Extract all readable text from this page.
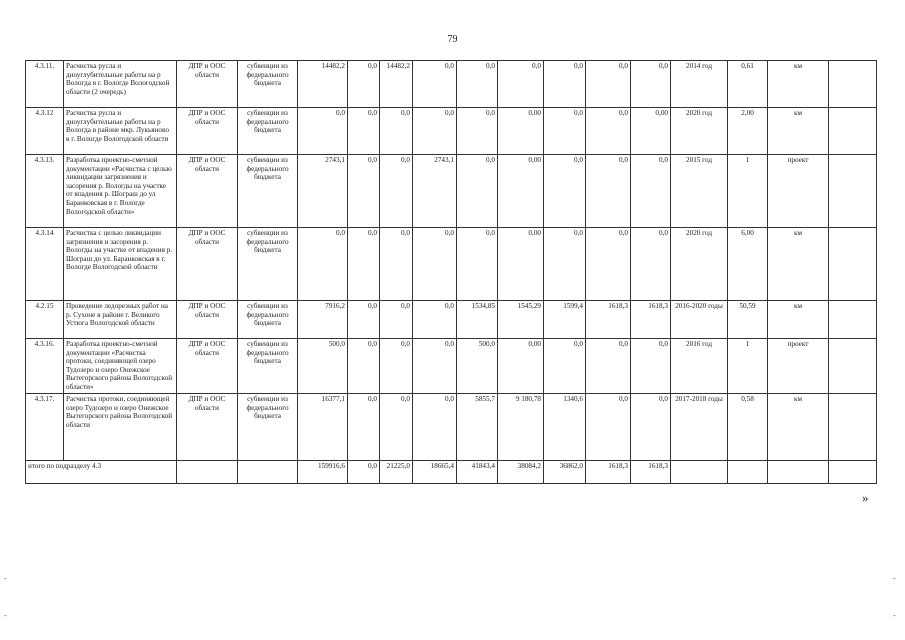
79
4.3.11.	Расчистка русла и дноуглубительные работы на р Вологда в г. Вологде Вологодской области (2 очередь)	ДПР и ООС области	субвенции из федерального бюджета	14482,2	0,0	14482,2	0,0	0,0	0,0	0,0	0,0	0,0	2014 год	0,61	км	
4.3.12	Расчистка русла и дноуглубительные работы на р Вологда в районе мкр. Лукьяново в г. Вологде Вологодской области	ДПР и ООС области	субвенции из федерального бюджета	0,0	0,0	0,0	0,0	0,0	0,00	0,0	0,0	0,00	2020 год	2,00	км	
4.3.13.	Разработка проектно-сметной документации «Расчистка с целью ликвидации загрязнения и засорения р. Вологды на участке от впадения р. Шограш до ул Баранковская в г. Вологде Вологодской области»	ДПР и ООС области	субвенции из федерального бюджета	2743,1	0,0	0,0	2743,1	0,0	0,00	0,0	0,0	0,0	2015 год	1	проект	
4.3.14	Расчистка с целью ликвидации загрязнения и засорения р. Вологды на участке от впадения р. Шограш до ул. Баранковская в г. Вологде Вологодской области	ДПР и ООС области	субвенции из федерального бюджета	0,0	0,0	0,0	0,0	0,0	0,00	0,0	0,0	0,0	2020 год	6,00	км	
4.2.15	Проведение ледорезных работ на р. Сухоне в районе г. Великого Устюга Вологодской области	ДПР и ООС области	субвенции из федерального бюджета	7916,2	0,0	0,0	0,0	1534,85	1545,29	1599,4	1618,3	1618,3	2016-2020 годы	50,59	км	
4.3.16.	Разработка проектно-сметной документации «Расчистка протоки, соединяющей озеро Тудозеро и озеро Онежское Вытегорского района Вологодской области»	ДПР и ООС области	субвенции из федерального бюджета	500,0	0,0	0,0	0,0	500,0	0,00	0,0	0,0	0,0	2016 год	1	проект	
4.3.17.	Расчистка протоки, соединяющей озеро Тудозеро и озеро Онежское Вытегорского района Вологодской области	ДПР и ООС области	субвенции из федерального бюджета	16377,1	0,0	0,0	0,0	5855,7	9 180,78	1340,6	0,0	0,0	2017-2018 годы	0,58	км	
итого по подразделу 4.3				159916,6	0,0	21225,0	18665,4	41843,4	38084,2	36862,0	1618,3	1618,3				
»
-
-
-
-
